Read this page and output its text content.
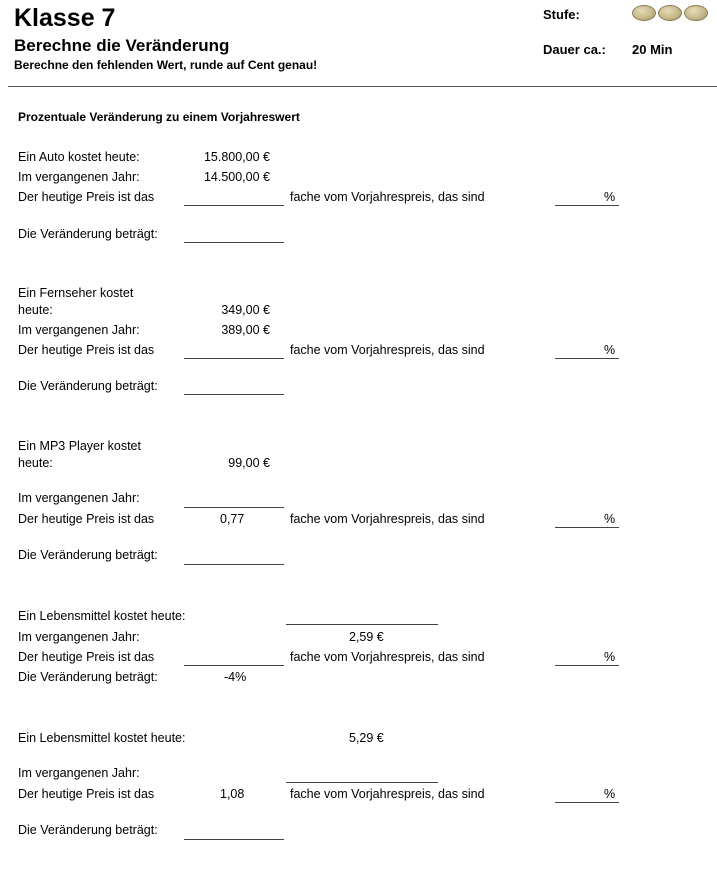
Klasse 7
Berechne die Veränderung
Berechne den fehlenden Wert, runde auf Cent genau!
Stufe:
Dauer ca.: 20 Min
Prozentuale Veränderung zu einem Vorjahreswert
Ein Auto kostet heute:	15.800,00 €
Im vergangenen Jahr:	14.500,00 €
Der heutige Preis ist das	fache vom Vorjahrespreis, das sind	%
Die Veränderung beträgt:
Ein Fernseher kostet
heute:	349,00 €
Im vergangenen Jahr:	389,00 €
Der heutige Preis ist das	fache vom Vorjahrespreis, das sind	%
Die Veränderung beträgt:
Ein MP3 Player kostet
heute:	99,00 €
Im vergangenen Jahr:
Der heutige Preis ist das	0,77	fache vom Vorjahrespreis, das sind	%
Die Veränderung beträgt:
Ein Lebensmittel kostet heute:
Im vergangenen Jahr:	2,59 €
Der heutige Preis ist das	fache vom Vorjahrespreis, das sind	%
Die Veränderung beträgt:	-4%
Ein Lebensmittel kostet heute:	5,29 €
Im vergangenen Jahr:
Der heutige Preis ist das	1,08	fache vom Vorjahrespreis, das sind	%
Die Veränderung beträgt:
